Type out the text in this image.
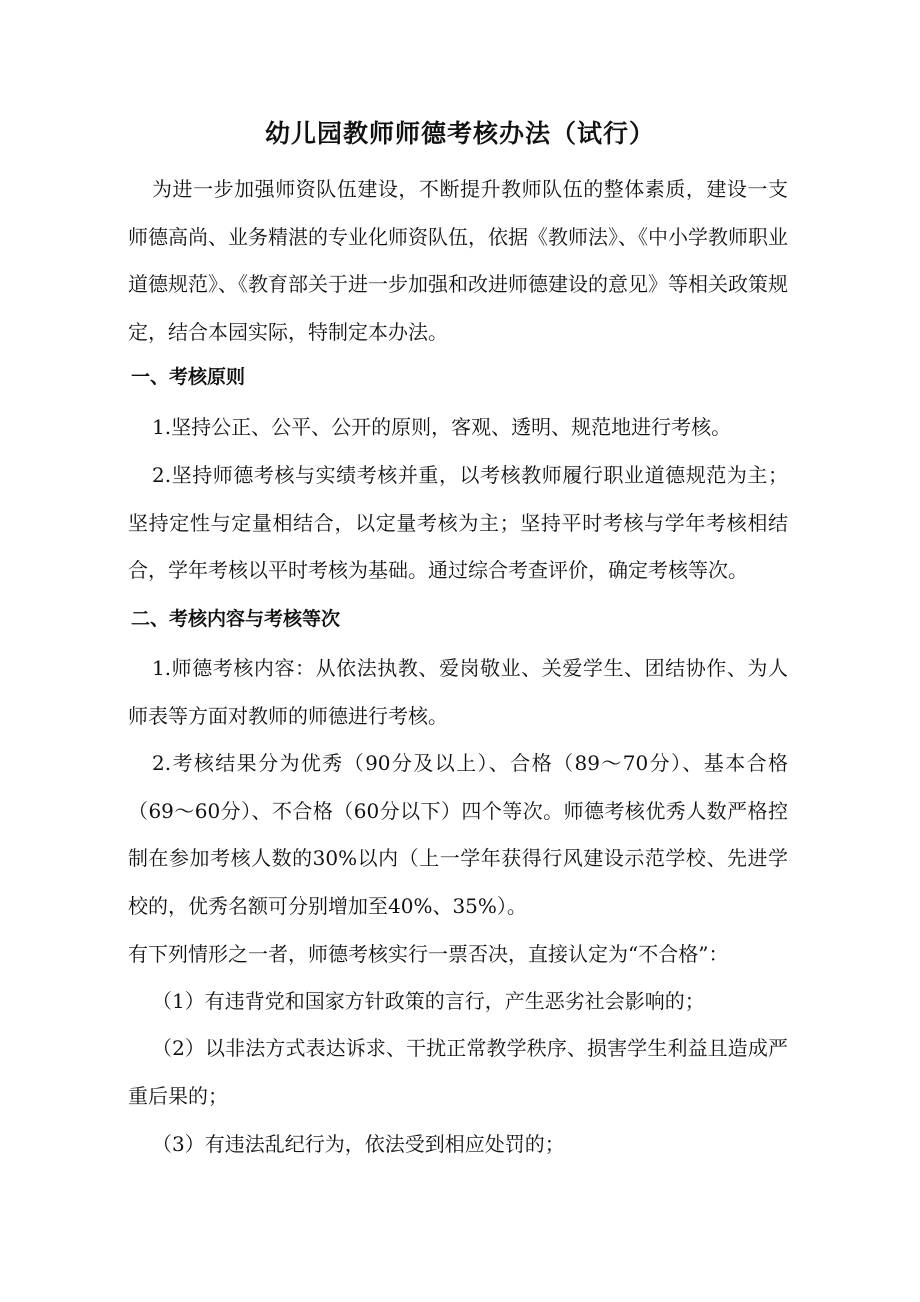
幼儿园教师师德考核办法（试行）

为进一步加强师资队伍建设，不断提升教师队伍的整体素质，建设一支师德高尚、业务精湛的专业化师资队伍，依据《教师法》、《中小学教师职业道德规范》、《教育部关于进一步加强和改进师德建设的意见》等相关政策规定，结合本园实际，特制定本办法。

一、考核原则

1.坚持公正、公平、公开的原则，客观、透明、规范地进行考核。

2.坚持师德考核与实绩考核并重，以考核教师履行职业道德规范为主；坚持定性与定量相结合，以定量考核为主；坚持平时考核与学年考核相结合，学年考核以平时考核为基础。通过综合考查评价，确定考核等次。

二、考核内容与考核等次

1.师德考核内容：从依法执教、爱岗敬业、关爱学生、团结协作、为人师表等方面对教师的师德进行考核。

2.考核结果分为优秀（90分及以上）、合格（89～70分）、基本合格（69～60分）、不合格（60分以下）四个等次。师德考核优秀人数严格控制在参加考核人数的30%以内（上一学年获得行风建设示范学校、先进学校的，优秀名额可分别增加至40%、35%）。

有下列情形之一者，师德考核实行一票否决，直接认定为“不合格”：

（1）有违背党和国家方针政策的言行，产生恶劣社会影响的；

（2）以非法方式表达诉求、干扰正常教学秩序、损害学生利益且造成严重后果的；

（3）有违法乱纪行为，依法受到相应处罚的；
